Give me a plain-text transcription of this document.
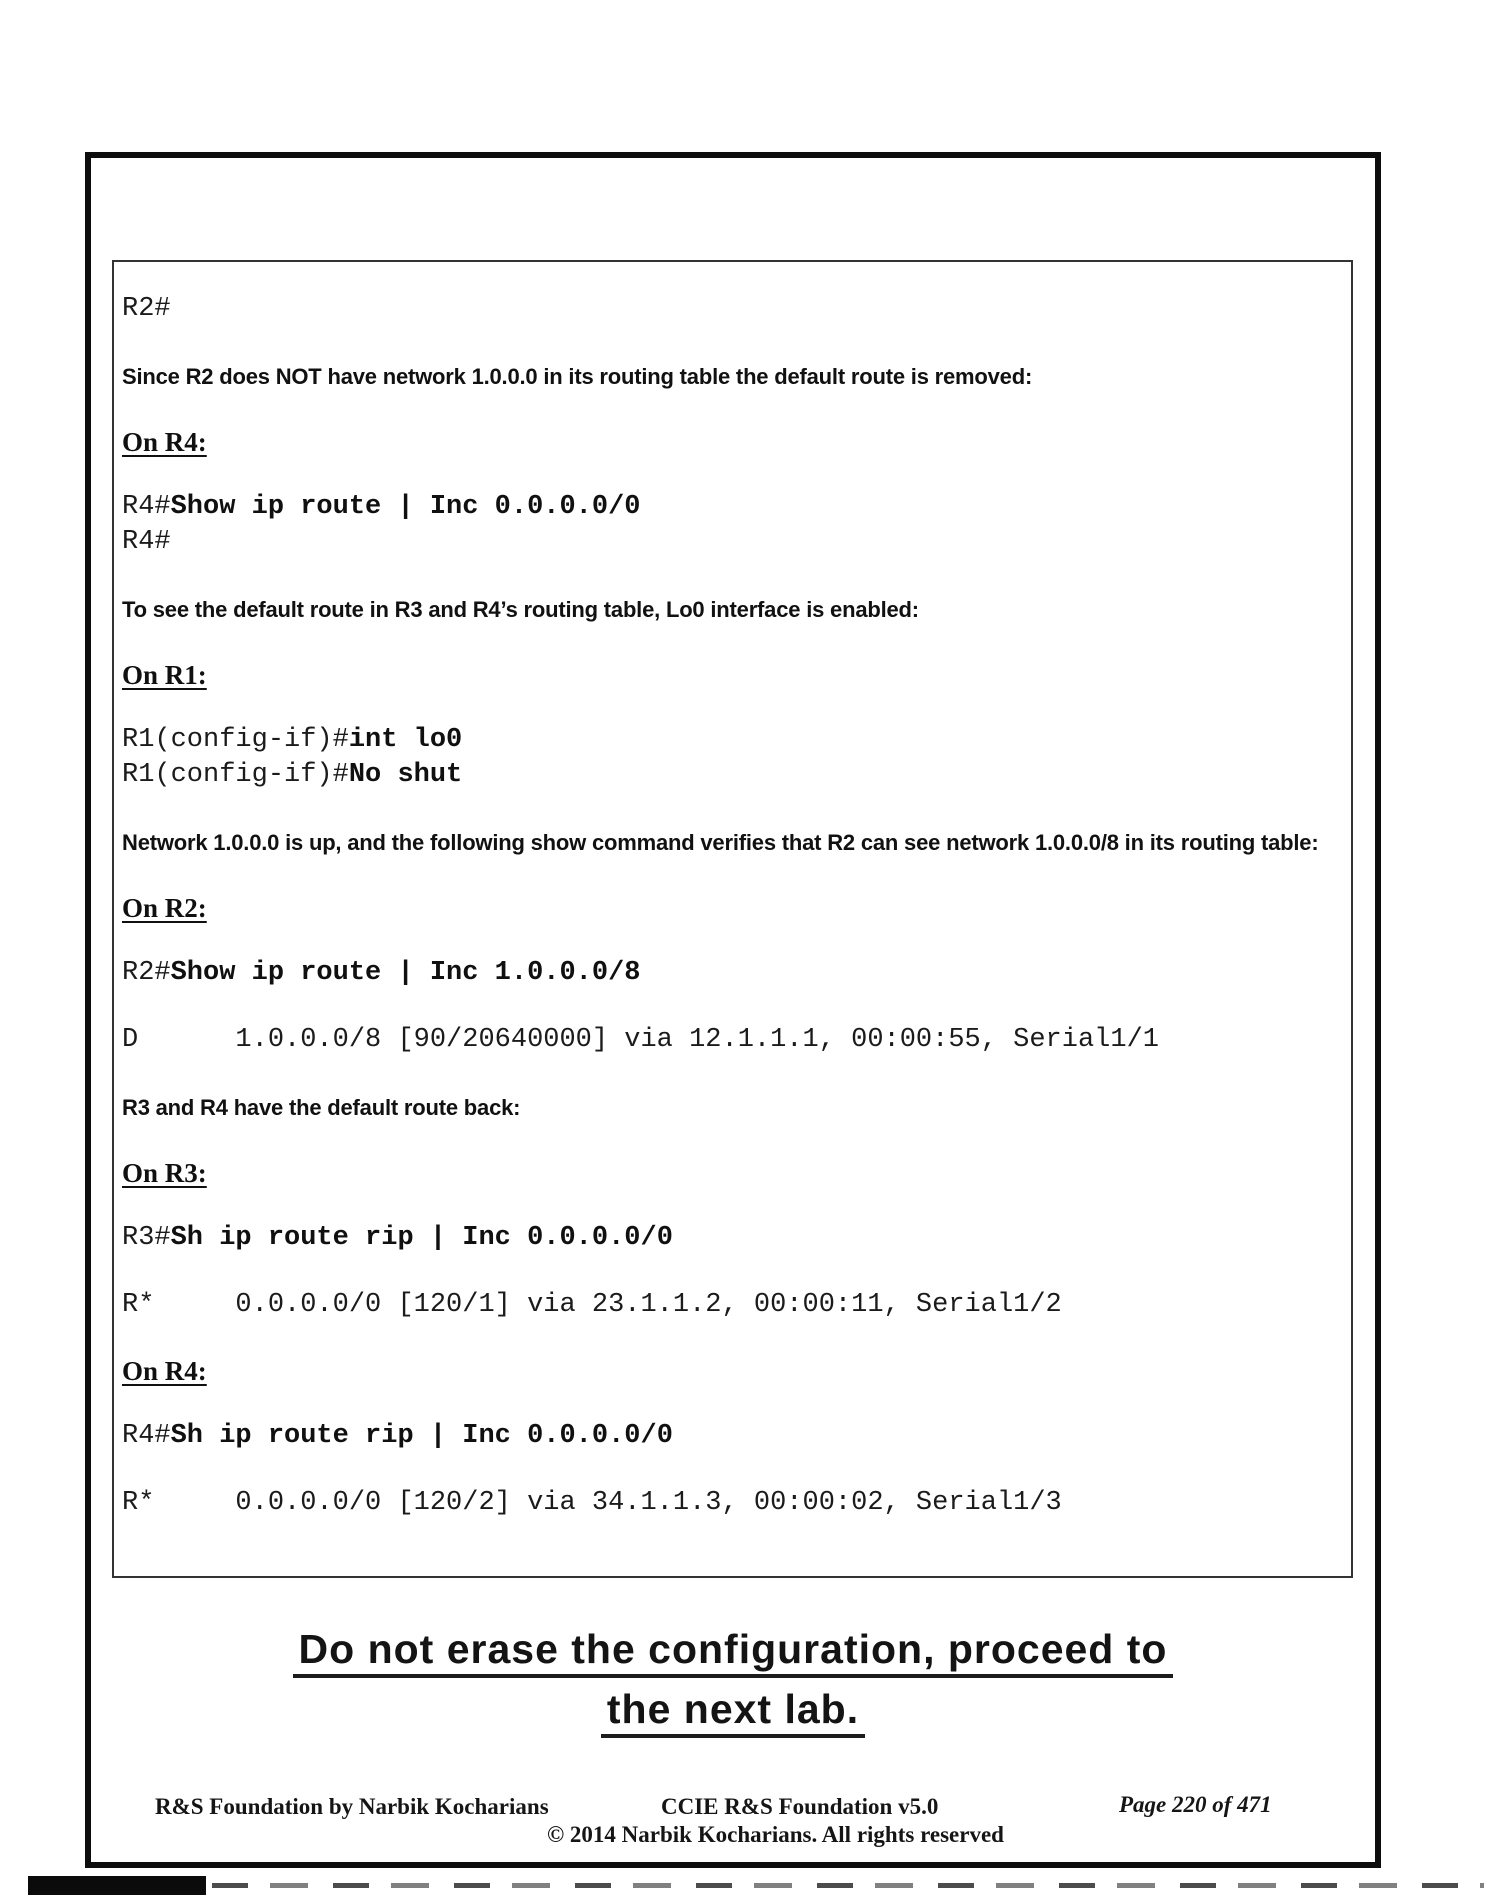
R2#
Since R2 does NOT have network 1.0.0.0 in its routing table the default route is removed:
On R4:
R4#Show ip route | Inc 0.0.0.0/0
R4#
To see the default route in R3 and R4’s routing table, Lo0 interface is enabled:
On R1:
R1(config-if)#int lo0
R1(config-if)#No shut
Network 1.0.0.0 is up, and the following show command verifies that R2 can see network 1.0.0.0/8 in its routing table:
On R2:
R2#Show ip route | Inc 1.0.0.0/8
D      1.0.0.0/8 [90/20640000] via 12.1.1.1, 00:00:55, Serial1/1
R3 and R4 have the default route back:
On R3:
R3#Sh ip route rip | Inc 0.0.0.0/0
R*     0.0.0.0/0 [120/1] via 23.1.1.2, 00:00:11, Serial1/2
On R4:
R4#Sh ip route rip | Inc 0.0.0.0/0
R*     0.0.0.0/0 [120/2] via 34.1.1.3, 00:00:02, Serial1/3
Do not erase the configuration, proceed to
the next lab.
R&S Foundation by Narbik Kocharians	CCIE R&S Foundation v5.0
© 2014 Narbik Kocharians. All rights reserved
Page 220 of 471
